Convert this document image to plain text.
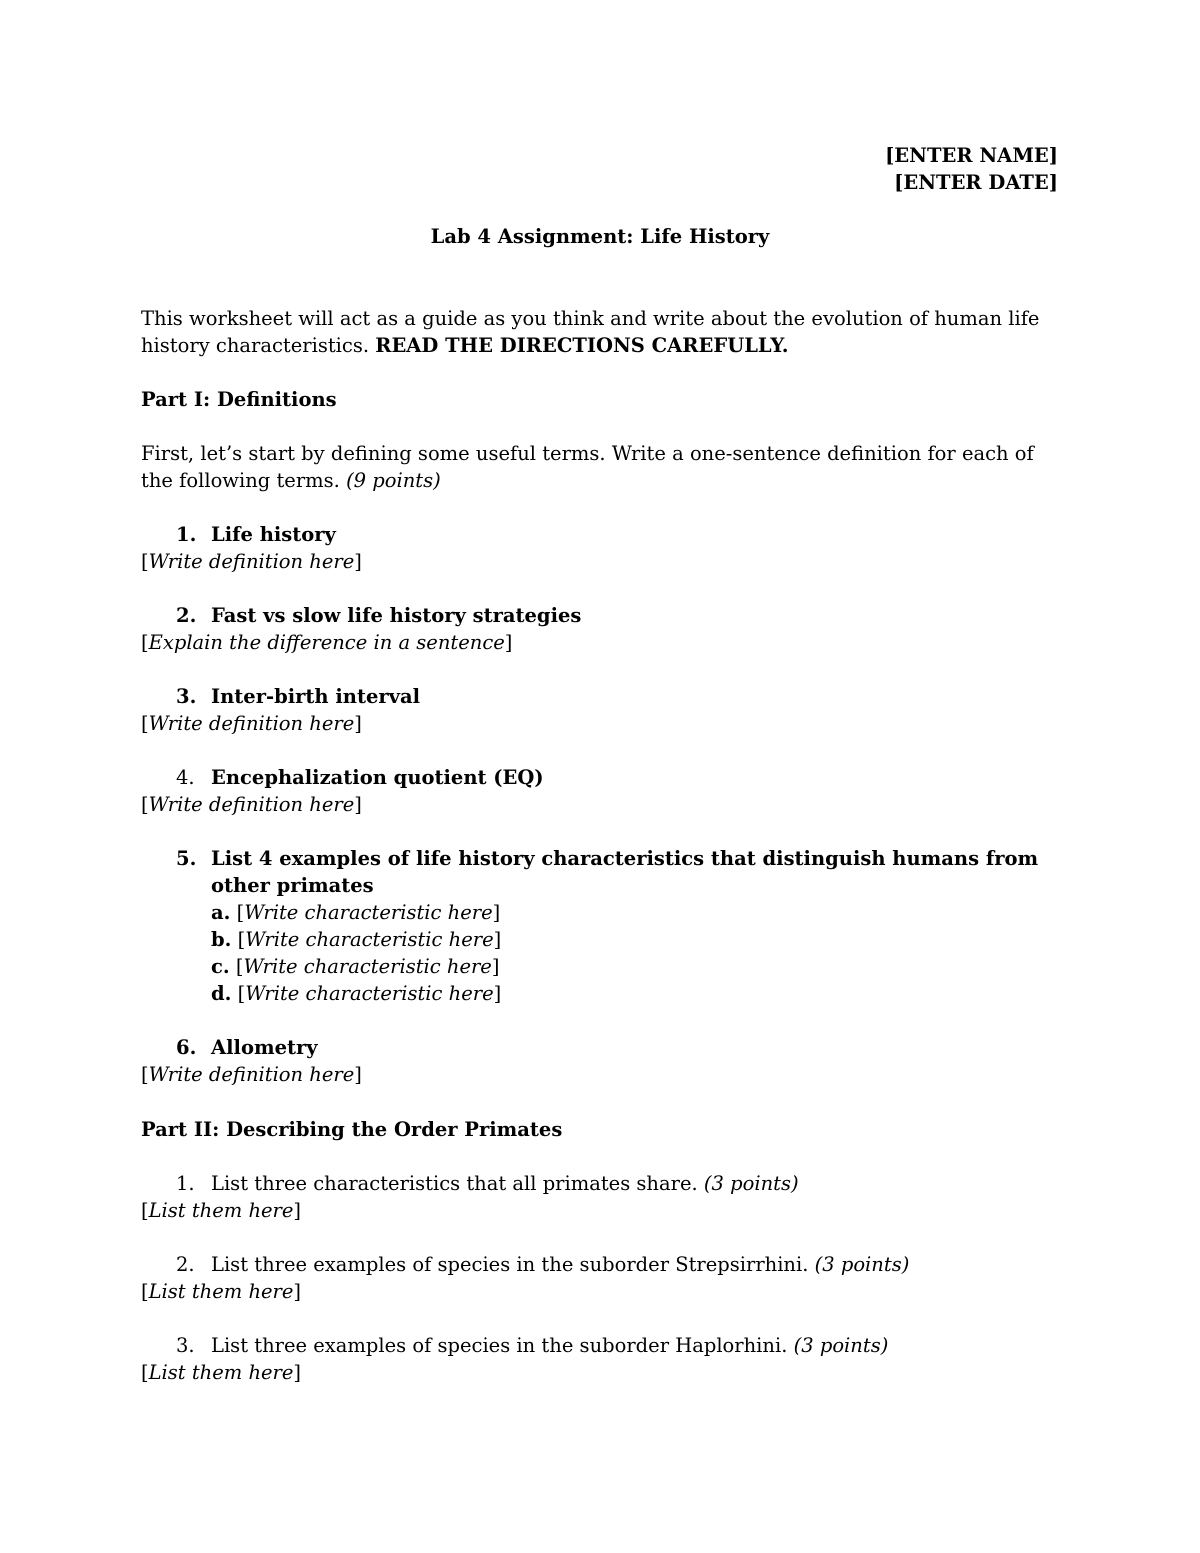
[ENTER NAME]
[ENTER DATE]
Lab 4 Assignment: Life History
This worksheet will act as a guide as you think and write about the evolution of human life history characteristics. READ THE DIRECTIONS CAREFULLY.
Part I: Definitions
First, let’s start by defining some useful terms. Write a one-sentence definition for each of the following terms. (9 points)
1. Life history
[Write definition here]
2. Fast vs slow life history strategies
[Explain the difference in a sentence]
3. Inter-birth interval
[Write definition here]
4. Encephalization quotient (EQ)
[Write definition here]
5. List 4 examples of life history characteristics that distinguish humans from other primates
a. [Write characteristic here]
b. [Write characteristic here]
c. [Write characteristic here]
d. [Write characteristic here]
6. Allometry
[Write definition here]
Part II: Describing the Order Primates
1. List three characteristics that all primates share. (3 points)
[List them here]
2. List three examples of species in the suborder Strepsirrhini. (3 points)
[List them here]
3. List three examples of species in the suborder Haplorhini. (3 points)
[List them here]
